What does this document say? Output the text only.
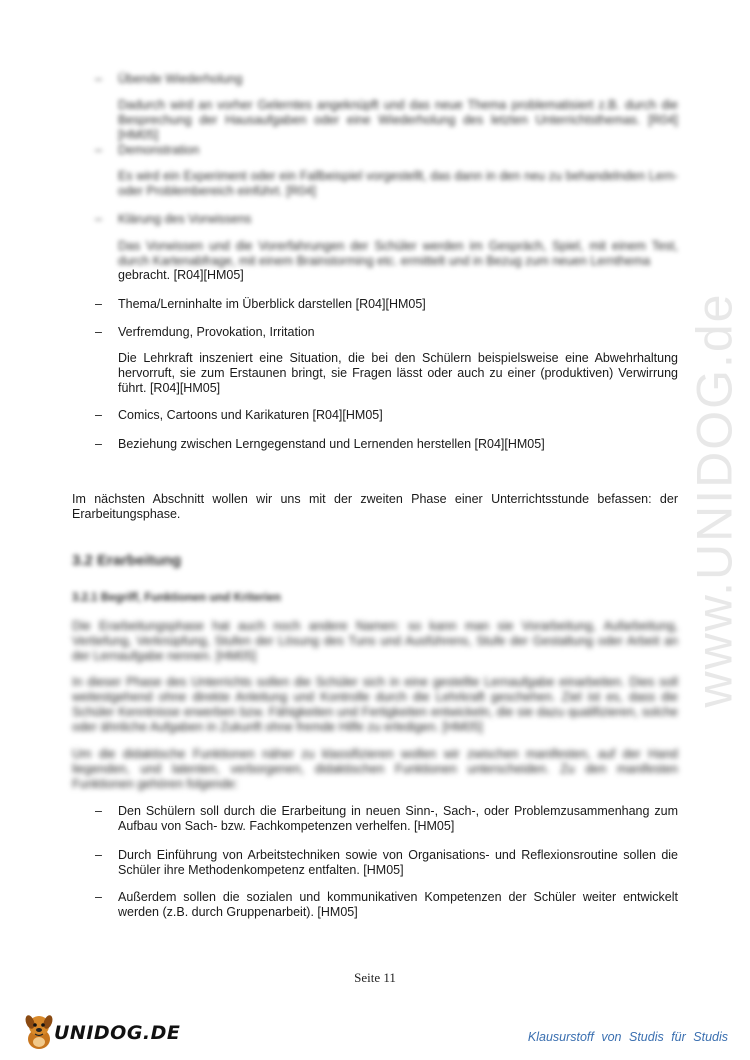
www.UNIDOG.de
– Übende Wiederholung
Dadurch wird an vorher Gelerntes angeknüpft und das neue Thema problematisiert z.B. durch die Besprechung der Hausaufgaben oder eine Wiederholung des letzten Unterrichtsthemas. [R04][HM05]
– Demonstration
Es wird ein Experiment oder ein Fallbeispiel vorgestellt, das dann in den neu zu behandelnden Lern- oder Problembereich einführt. [R04]
– Klärung des Vorwissens
Das Vorwissen und die Vorerfahrungen der Schüler werden im Gespräch, Spiel, mit einem Test, durch Kartenabfrage, mit einem Brainstorming etc. ermittelt und in Bezug zum neuen Lernthema
gebracht. [R04][HM05]
– Thema/Lerninhalte im Überblick darstellen [R04][HM05]
– Verfremdung, Provokation, Irritation
Die Lehrkraft inszeniert eine Situation, die bei den Schülern beispielsweise eine Abwehrhaltung hervorruft, sie zum Erstaunen bringt, sie Fragen lässt oder auch zu einer (produktiven) Verwirrung führt. [R04][HM05]
– Comics, Cartoons und Karikaturen [R04][HM05]
– Beziehung zwischen Lerngegenstand und Lernenden herstellen [R04][HM05]
Im nächsten Abschnitt wollen wir uns mit der zweiten Phase einer Unterrichtsstunde befassen: der Erarbeitungsphase.
3.2 Erarbeitung
3.2.1 Begriff, Funktionen und Kriterien
Die Erarbeitungsphase hat auch noch andere Namen: so kann man sie Vorarbeitung, Aufarbeitung, Vertiefung, Verknüpfung, Stufen der Lösung des Tuns und Ausführens, Stufe der Gestaltung oder Arbeit an der Lernaufgabe nennen. [HM05]
In dieser Phase des Unterrichts sollen die Schüler sich in eine gestellte Lernaufgabe einarbeiten. Dies soll weitestgehend ohne direkte Anleitung und Kontrolle durch die Lehrkraft geschehen. Ziel ist es, dass die Schüler Kenntnisse erwerben bzw. Fähigkeiten und Fertigkeiten entwickeln, die sie dazu qualifizieren, solche oder ähnliche Aufgaben in Zukunft ohne fremde Hilfe zu erledigen. [HM05]
Um die didaktische Funktionen näher zu klassifizieren wollen wir zwischen manifesten, auf der Hand liegenden, und latenten, verborgenen, didaktischen Funktionen unterscheiden. Zu den manifesten Funktionen gehören folgende:
– Den Schülern soll durch die Erarbeitung in neuen Sinn-, Sach-, oder Problemzusammenhang zum Aufbau von Sach- bzw. Fachkompetenzen verhelfen. [HM05]
– Durch Einführung von Arbeitstechniken sowie von Organisations- und Reflexionsroutine sollen die Schüler ihre Methodenkompetenz entfalten. [HM05]
– Außerdem sollen die sozialen und kommunikativen Kompetenzen der Schüler weiter entwickelt werden (z.B. durch Gruppenarbeit). [HM05]
Seite 11
UNIDOG.DE	Klausurstoff von Studis für Studis
